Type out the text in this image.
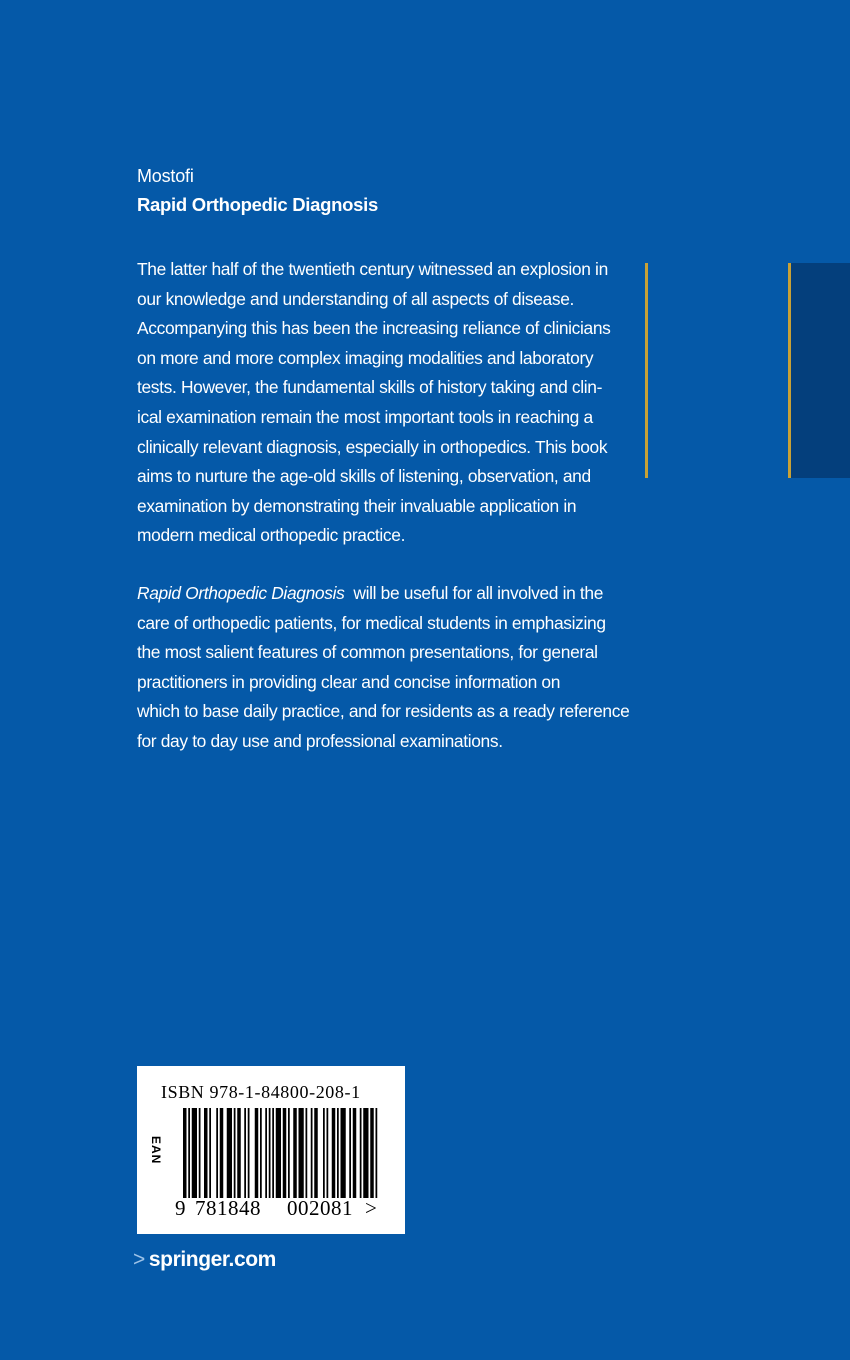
Mostofi
Rapid Orthopedic Diagnosis
The latter half of the twentieth century witnessed an explosion in
our knowledge and understanding of all aspects of disease.
Accompanying this has been the increasing reliance of clinicians
on more and more complex imaging modalities and laboratory
tests. However, the fundamental skills of history taking and clin-
ical examination remain the most important tools in reaching a
clinically relevant diagnosis, especially in orthopedics. This book
aims to nurture the age-old skills of listening, observation, and
examination by demonstrating their invaluable application in
modern medical orthopedic practice.
Rapid Orthopedic Diagnosis  will be useful for all involved in the
care of orthopedic patients, for medical students in emphasizing
the most salient features of common presentations, for general
practitioners in providing clear and concise information on
which to base daily practice, and for residents as a ready reference
for day to day use and professional examinations.
ISBN 978-1-84800-208-1
EAN
9 781848 002081 >
> springer.com
